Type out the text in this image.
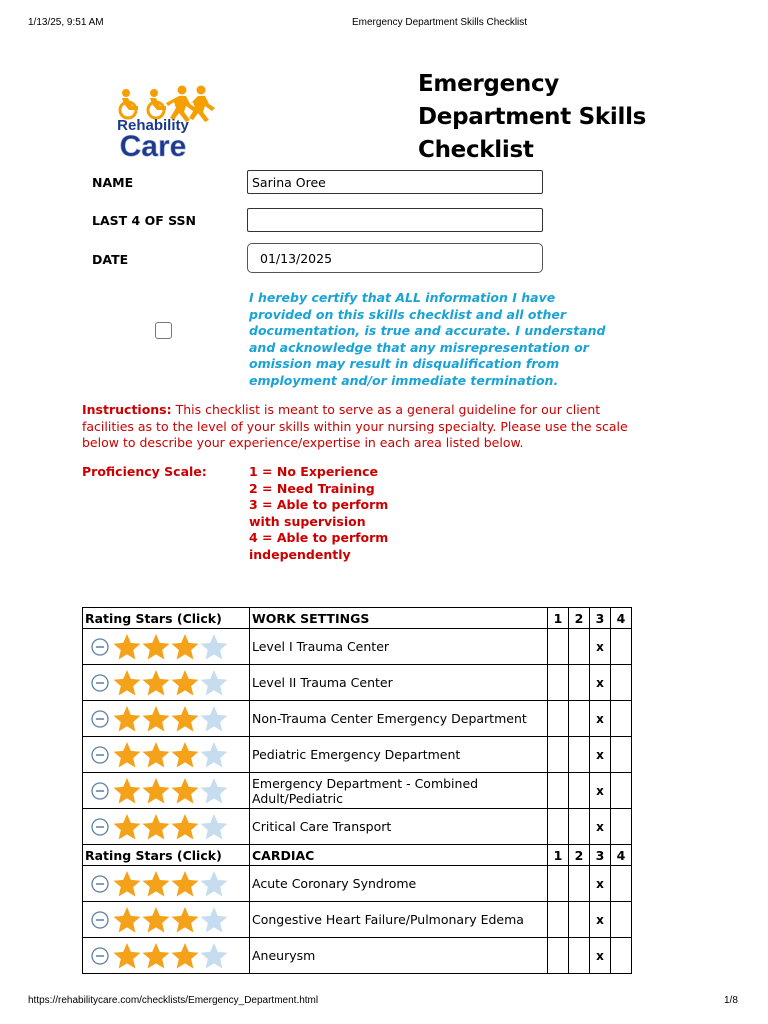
1/13/25, 9:51 AM	Emergency Department Skills Checklist
Rehability
Care
Emergency Department Skills Checklist
NAME	Sarina Oree
LAST 4 OF SSN
DATE	01/13/2025
I hereby certify that ALL information I have provided on this skills checklist and all other documentation, is true and accurate. I understand and acknowledge that any misrepresentation or omission may result in disqualification from employment and/or immediate termination.
Instructions: This checklist is meant to serve as a general guideline for our client facilities as to the level of your skills within your nursing specialty. Please use the scale below to describe your experience/expertise in each area listed below.
Proficiency Scale:	1 = No Experience
2 = Need Training
3 = Able to perform with supervision
4 = Able to perform independently
Rating Stars (Click)	WORK SETTINGS	1	2	3	4

	Level I Trauma Center			x	

	Level II Trauma Center			x	

	Non-Trauma Center Emergency Department			x	

	Pediatric Emergency Department			x	

	Emergency Department - Combined Adult/Pediatric			x	

	Critical Care Transport			x	
Rating Stars (Click)	CARDIAC	1	2	3	4

	Acute Coronary Syndrome			x	

	Congestive Heart Failure/Pulmonary Edema			x	

	Aneurysm			x	
https://rehabilitycare.com/checklists/Emergency_Department.html	1/8
